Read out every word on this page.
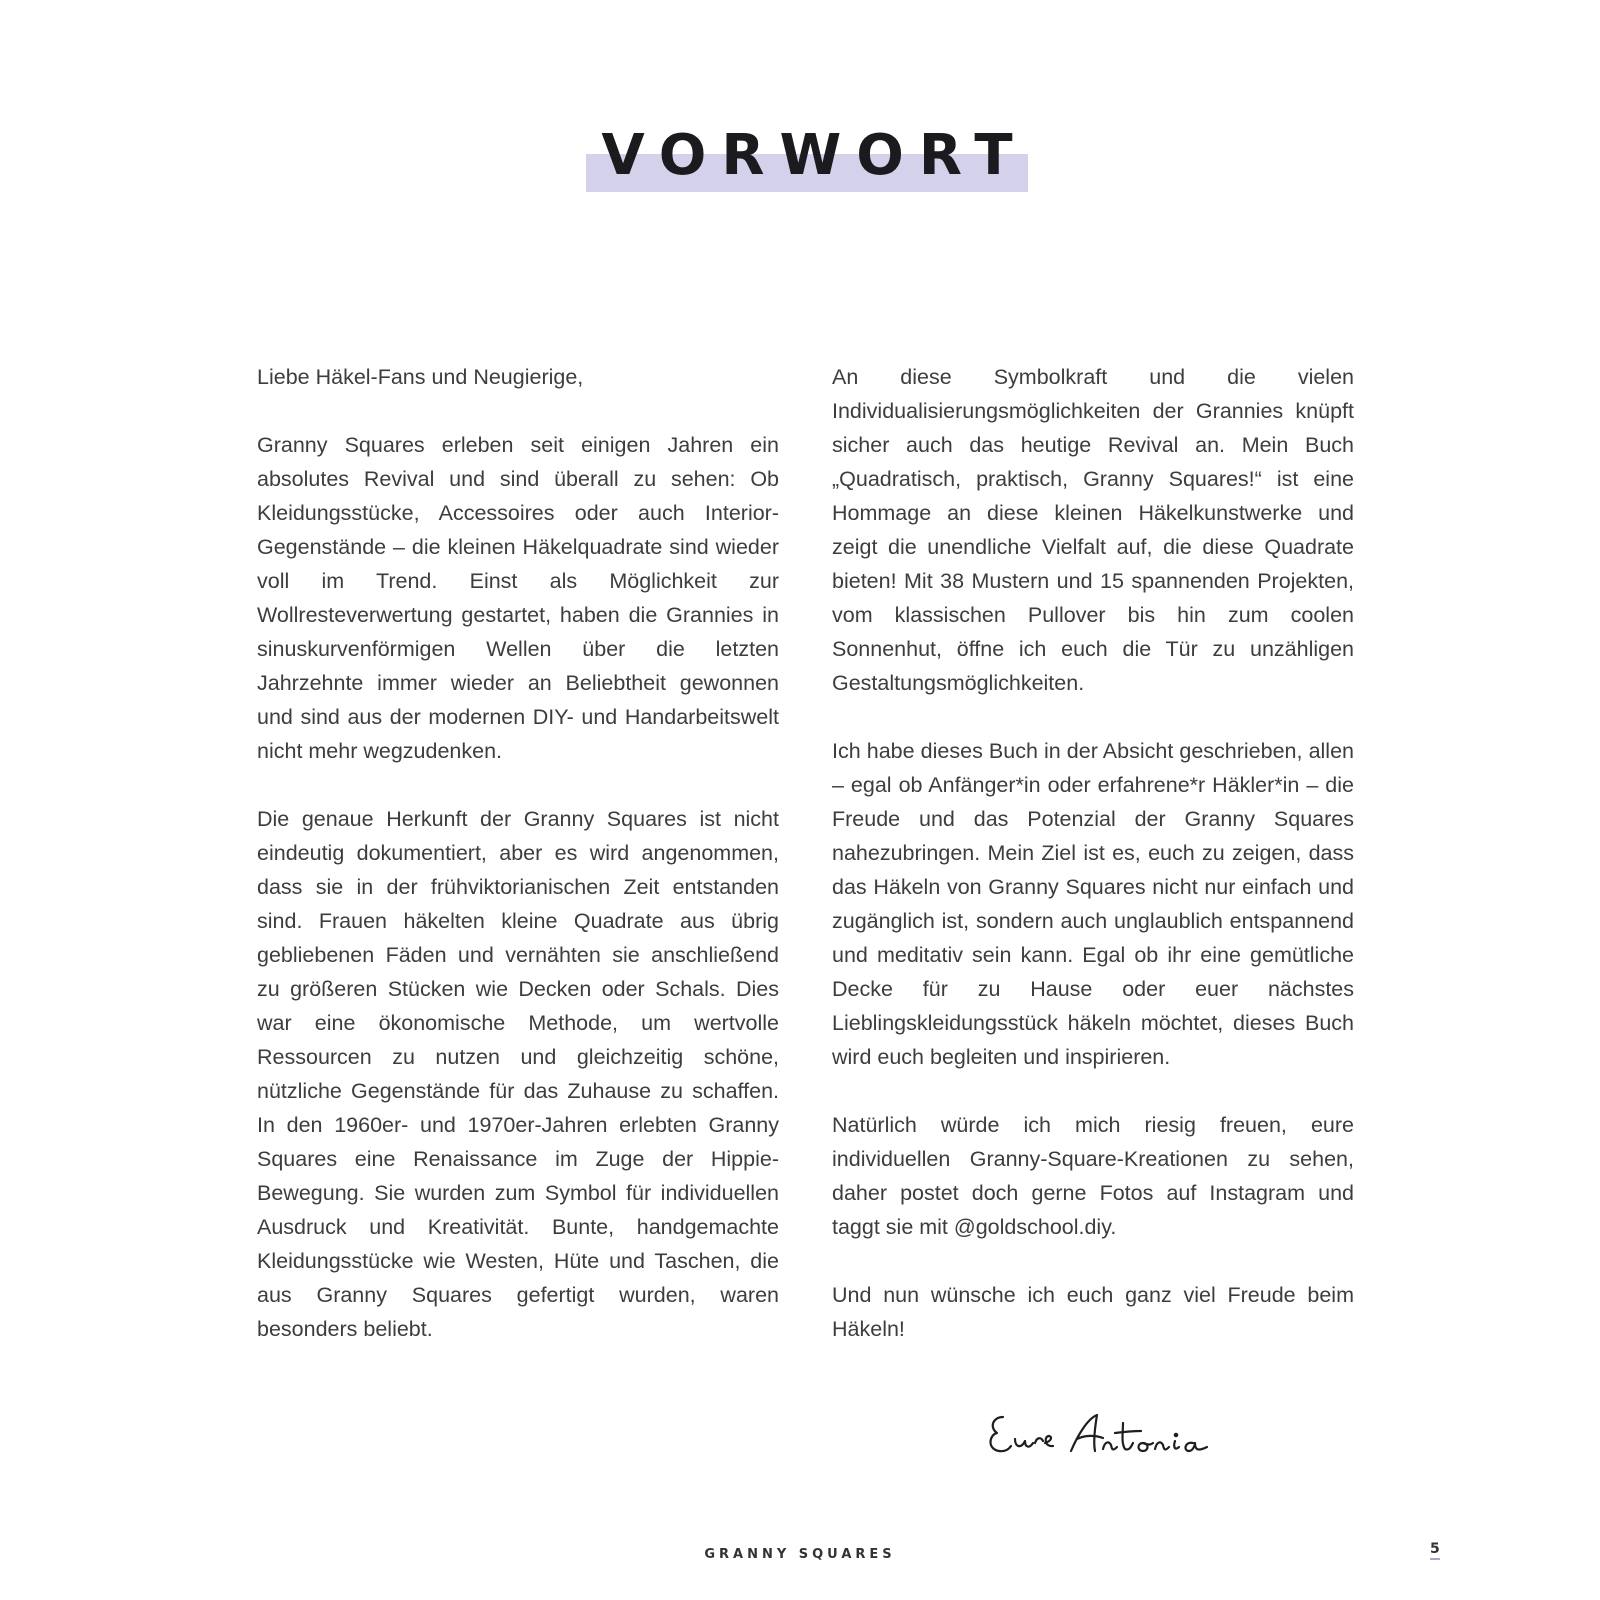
VORWORT

Liebe Häkel-Fans und Neugierige,

Granny Squares erleben seit einigen Jahren ein absolutes Revival und sind überall zu sehen: Ob Kleidungsstücke, Accessoires oder auch Interior-Gegenstände – die kleinen Häkelquadrate sind wieder voll im Trend. Einst als Möglichkeit zur Wollresteverwertung gestartet, haben die Grannies in sinuskurvenförmigen Wellen über die letzten Jahrzehnte immer wieder an Beliebtheit gewonnen und sind aus der modernen DIY- und Handarbeitswelt nicht mehr wegzudenken.

Die genaue Herkunft der Granny Squares ist nicht eindeutig dokumentiert, aber es wird angenommen, dass sie in der frühviktorianischen Zeit entstanden sind. Frauen häkelten kleine Quadrate aus übrig gebliebenen Fäden und vernähten sie anschließend zu größeren Stücken wie Decken oder Schals. Dies war eine ökonomische Methode, um wertvolle Ressourcen zu nutzen und gleichzeitig schöne, nützliche Gegenstände für das Zuhause zu schaffen. In den 1960er- und 1970er-Jahren erlebten Granny Squares eine Renaissance im Zuge der Hippie-Bewegung. Sie wurden zum Symbol für individuellen Ausdruck und Kreativität. Bunte, handgemachte Kleidungsstücke wie Westen, Hüte und Taschen, die aus Granny Squares gefertigt wurden, waren besonders beliebt.

An diese Symbolkraft und die vielen Individualisierungsmöglichkeiten der Grannies knüpft sicher auch das heutige Revival an. Mein Buch „Quadratisch, praktisch, Granny Squares!“ ist eine Hommage an diese kleinen Häkelkunstwerke und zeigt die unendliche Vielfalt auf, die diese Quadrate bieten! Mit 38 Mustern und 15 spannenden Projekten, vom klassischen Pullover bis hin zum coolen Sonnenhut, öffne ich euch die Tür zu unzähligen Gestaltungsmöglichkeiten.

Ich habe dieses Buch in der Absicht geschrieben, allen – egal ob Anfänger*in oder erfahrene*r Häkler*in – die Freude und das Potenzial der Granny Squares nahezubringen. Mein Ziel ist es, euch zu zeigen, dass das Häkeln von Granny Squares nicht nur einfach und zugänglich ist, sondern auch unglaublich entspannend und meditativ sein kann. Egal ob ihr eine gemütliche Decke für zu Hause oder euer nächstes Lieblingskleidungsstück häkeln möchtet, dieses Buch wird euch begleiten und inspirieren.

Natürlich würde ich mich riesig freuen, eure individuellen Granny-Square-Kreationen zu sehen, daher postet doch gerne Fotos auf Instagram und taggt sie mit @goldschool.diy.

Und nun wünsche ich euch ganz viel Freude beim Häkeln!

GRANNY SQUARES	5
